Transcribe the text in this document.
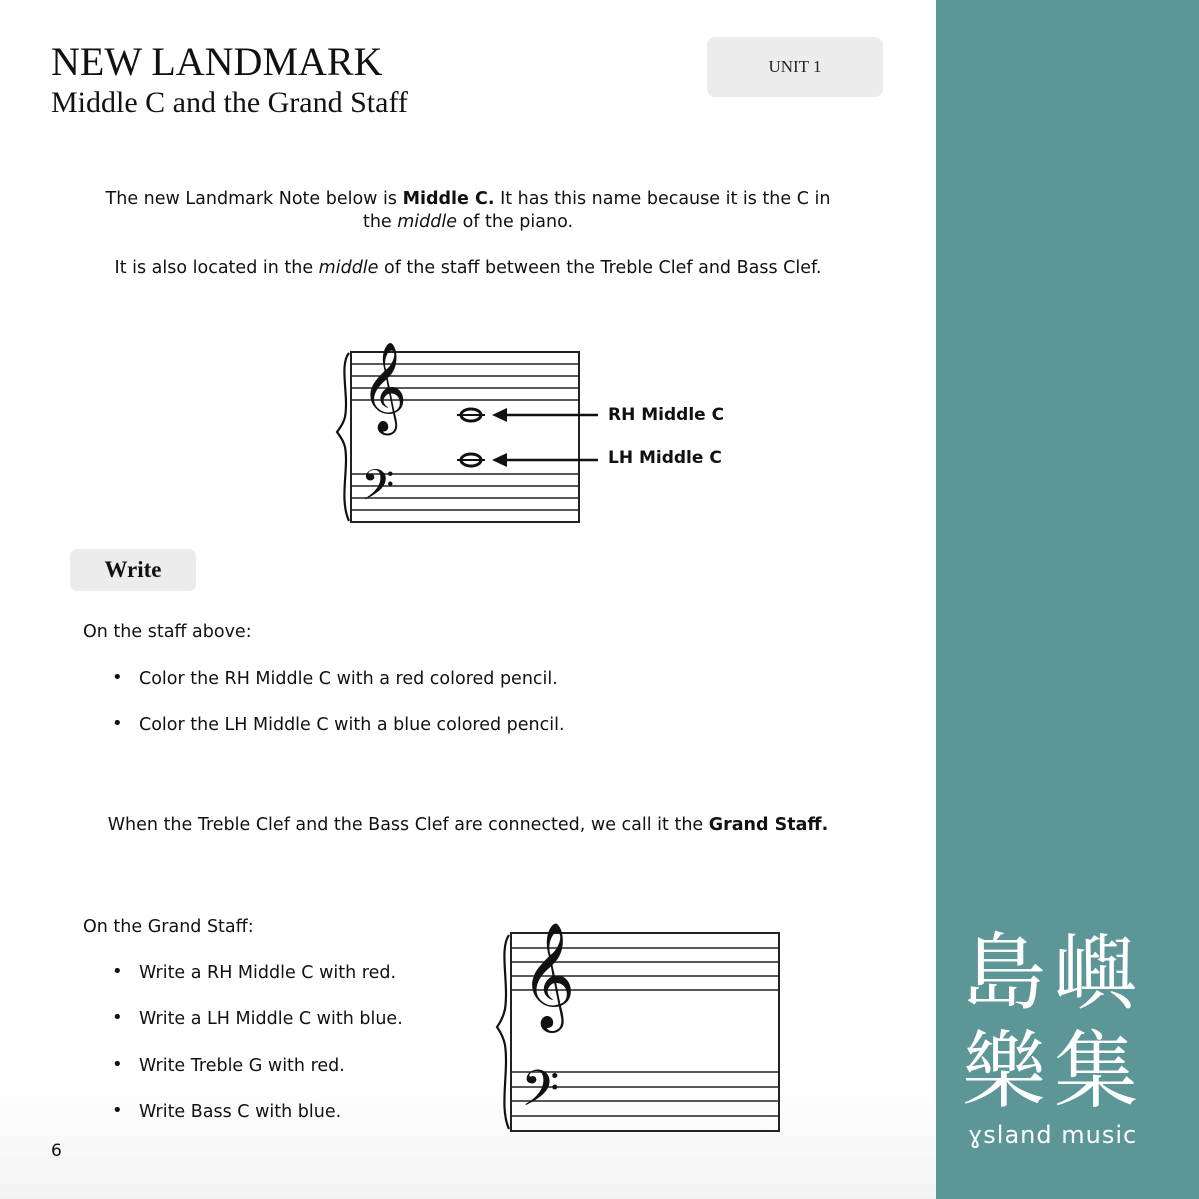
NEW LANDMARK
Middle C and the Grand Staff
UNIT 1
The new Landmark Note below is Middle C. It has this name because it is the C in the middle of the piano.
It is also located in the middle of the staff between the Treble Clef and Bass Clef.
𝄞
𝄢
RH Middle C
LH Middle C
Write
On the staff above:
• Color the RH Middle C with a red colored pencil.
• Color the LH Middle C with a blue colored pencil.
When the Treble Clef and the Bass Clef are connected, we call it the Grand Staff.
On the Grand Staff:
• Write a RH Middle C with red.
• Write a LH Middle C with blue.
• Write Treble G with red.
• Write Bass C with blue.
𝄞
𝄢
6
島 嶼
樂 集
ɣsland music
